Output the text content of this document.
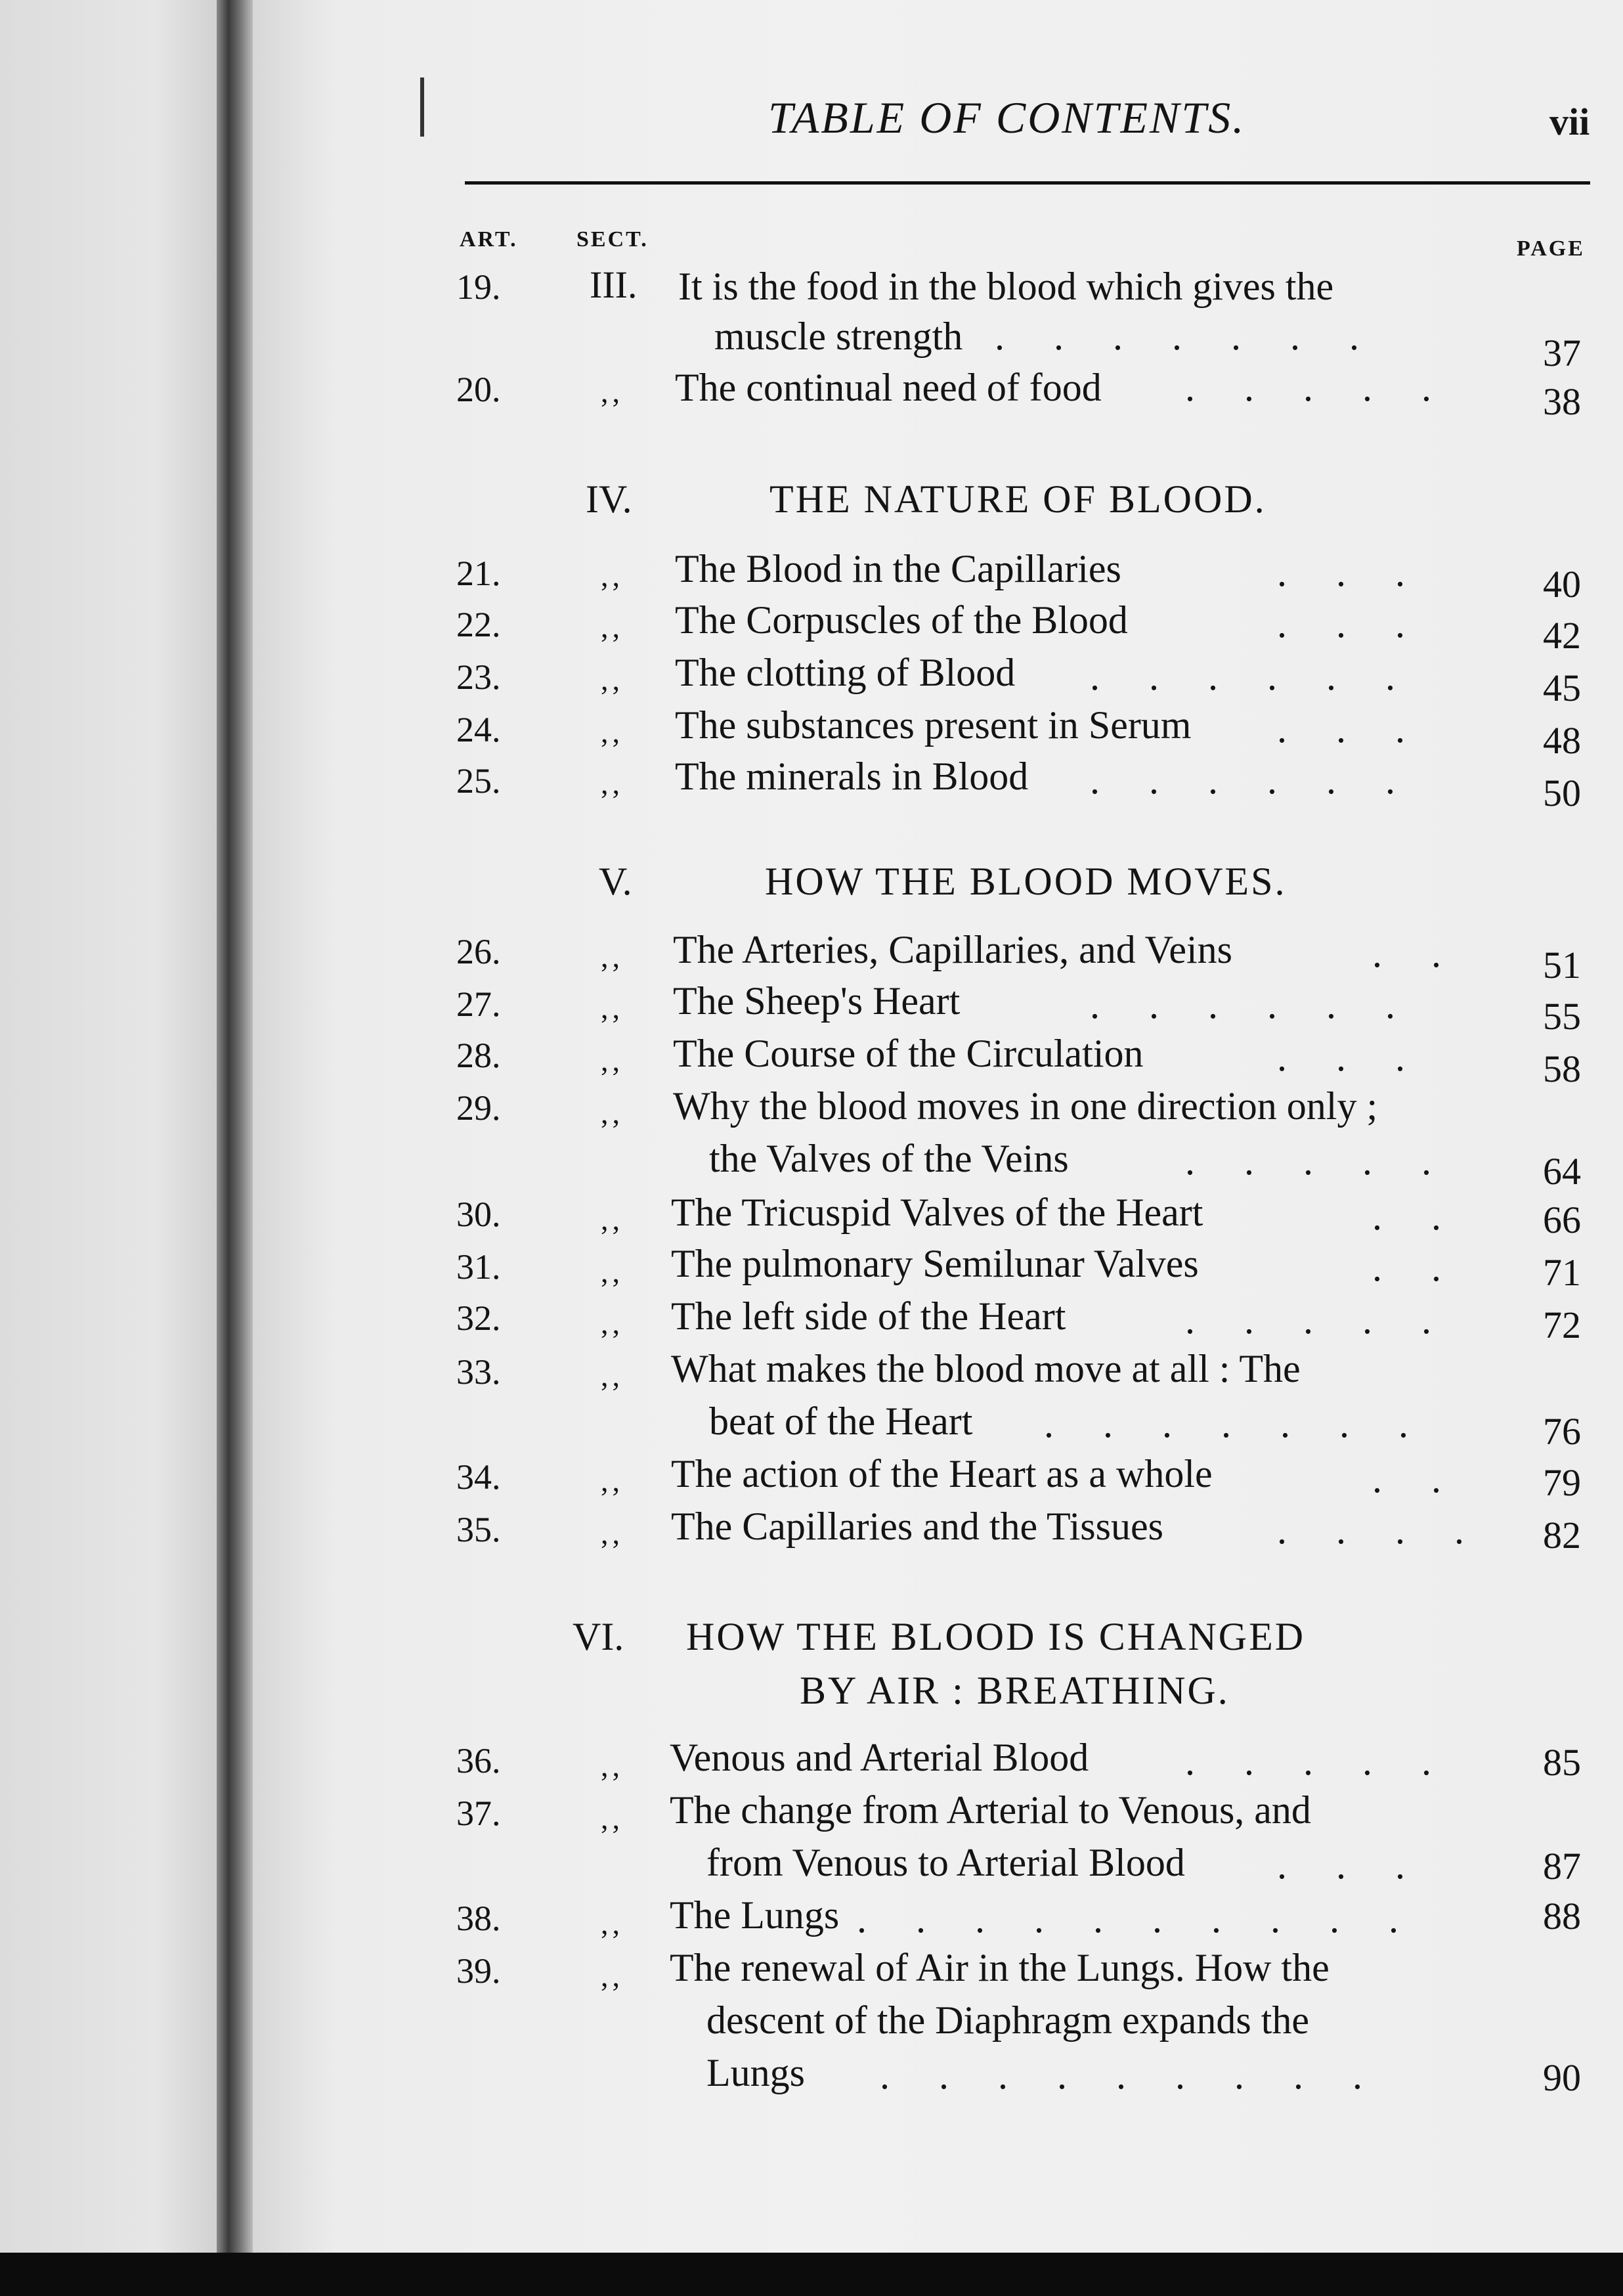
TABLE OF CONTENTS.	vii
ART.	SECT.	PAGE
19. III. It is the food in the blood which gives the
muscle strength .     .     .     .     .     .     .	37
20.	,, The continual need of food .     .     .     .     .	38
IV.	THE NATURE OF BLOOD.
21.	,, The Blood in the Capillaries	.     .     .	40
22.	,, The Corpuscles of the Blood	.     .     .	42
23.	,, The clotting of Blood .     .     .     .     .     .	45
24.	,, The substances present in Serum .     .     .	48
25.	,, The minerals in Blood .     .     .     .     .     .	50
V.	HOW THE BLOOD MOVES.
26.	,, The Arteries, Capillaries, and Veins	.     .	51
27.	,, The Sheep's Heart	.     .     .     .     .     .	55
28.	,, The Course of the Circulation	.     .     .	58
29.	,, Why the blood moves in one direction only ;
the Valves of the Veins	.     .     .     .     .	64
30.	,, The Tricuspid Valves of the Heart	.     .	66
31.	,, The pulmonary Semilunar Valves	.     .	71
32.	,, The left side of the Heart	.     .     .     .     .	72
33.	,, What makes the blood move at all : The
beat of the Heart .     .     .     .     .     .     .	76
34.	,, The action of the Heart as a whole	.     .	79
35.	,, The Capillaries and the Tissues	.     .     .     . 82
VI. HOW THE BLOOD IS CHANGED
BY AIR : BREATHING.
36.	,, Venous and Arterial Blood .     .     .     .     .	85
37.	,, The change from Arterial to Venous, and
from Venous to Arterial Blood .     .     .	87
38.	,, The Lungs .     .     .     .     .     .     .     .     .     .	88
39.	,, The renewal of Air in the Lungs. How the
descent of the Diaphragm expands the
Lungs .     .     .     .     .     .     .     .     .	90
